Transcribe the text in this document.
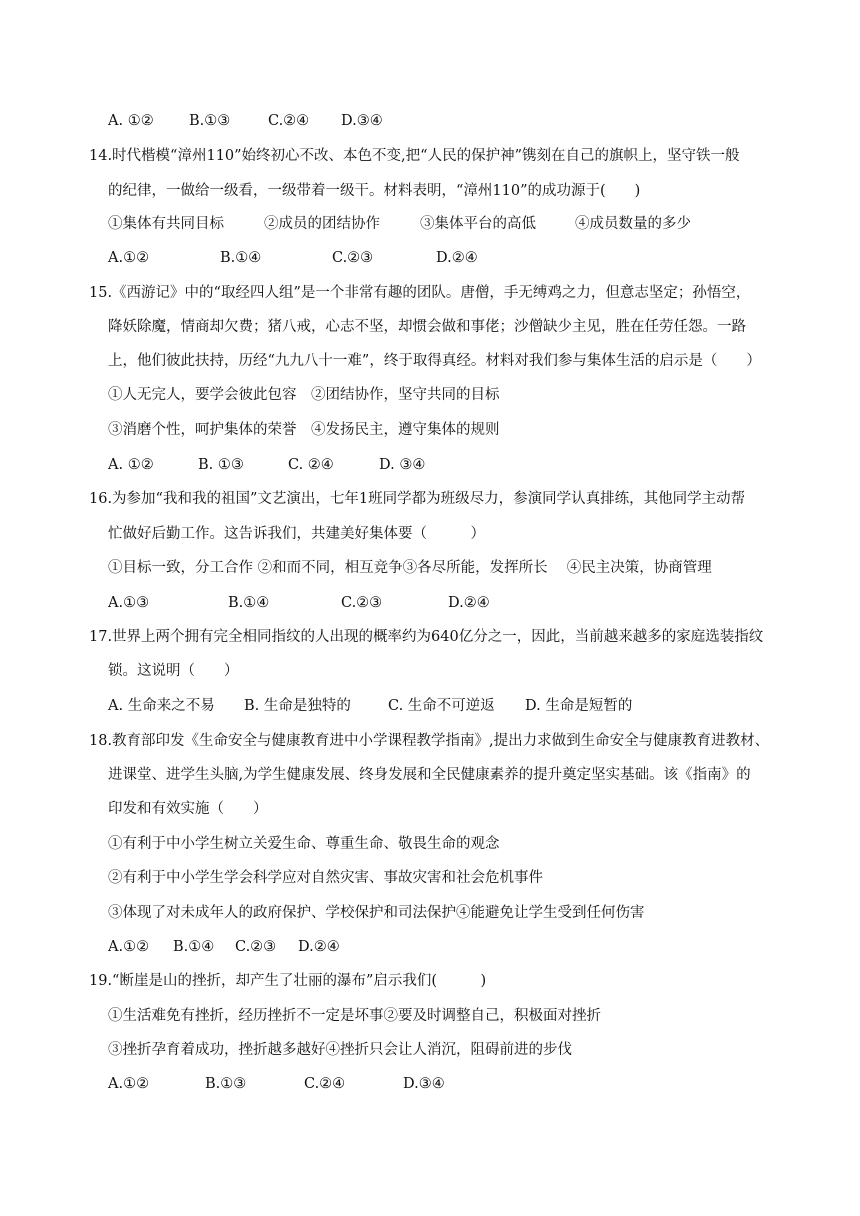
A. ①② B.①③	C.②④ D.③④
14.时代楷模“漳州110”始终初心不改、本色不变,把“人民的保护神”镌刻在自己的旗帜上，坚守铁一般
的纪律，一做给一级看，一级带着一级干。材料表明，“漳州110”的成功源于(　　)
①集体有共同目标	②成员的团结协作	③集体平台的高低	④成员数量的多少
A.①②	B.①④	C.②③	D.②④
15.《西游记》中的“取经四人组”是一个非常有趣的团队。唐僧，手无缚鸡之力，但意志坚定；孙悟空，
降妖除魔，情商却欠费；猪八戒，心志不坚，却惯会做和事佬；沙僧缺少主见，胜在任劳任怨。一路
上，他们彼此扶持，历经“九九八十一难”，终于取得真经。材料对我们参与集体生活的启示是（　　）
①人无完人，要学会彼此包容　②团结协作，坚守共同的目标
③消磨个性，呵护集体的荣誉　④发扬民主，遵守集体的规则
A. ①②	B. ①③	C. ②④	D. ③④
16.为参加“我和我的祖国”文艺演出，七年1班同学都为班级尽力，参演同学认真排练，其他同学主动帮
忙做好后勤工作。这告诉我们，共建美好集体要（　　　）
①目标一致，分工合作 ②和而不同，相互竞争③各尽所能，发挥所长　 ④民主决策，协商管理
A.①③	B.①④	C.②③	D.②④
17.世界上两个拥有完全相同指纹的人出现的概率约为640亿分之一，因此，当前越来越多的家庭选装指纹
锁。这说明（　　）
A. 生命来之不易 B. 生命是独特的	C. 生命不可逆返 D. 生命是短暂的
18.教育部印发《生命安全与健康教育进中小学课程教学指南》,提出力求做到生命安全与健康教育进教材、
进课堂、进学生头脑,为学生健康发展、终身发展和全民健康素养的提升奠定坚实基础。该《指南》的
印发和有效实施（　　）
①有利于中小学生树立关爱生命、尊重生命、敬畏生命的观念
②有利于中小学生学会科学应对自然灾害、事故灾害和社会危机事件
③体现了对未成年人的政府保护、学校保护和司法保护④能避免让学生受到任何伤害
A.①② B.①④ C.②③ D.②④
19.“断崖是山的挫折，却产生了壮丽的瀑布”启示我们(　　　)
①生活难免有挫折，经历挫折不一定是坏事②要及时调整自己，积极面对挫折
③挫折孕育着成功，挫折越多越好④挫折只会让人消沉，阻碍前进的步伐
A.①②	B.①③	C.②④	D.③④
